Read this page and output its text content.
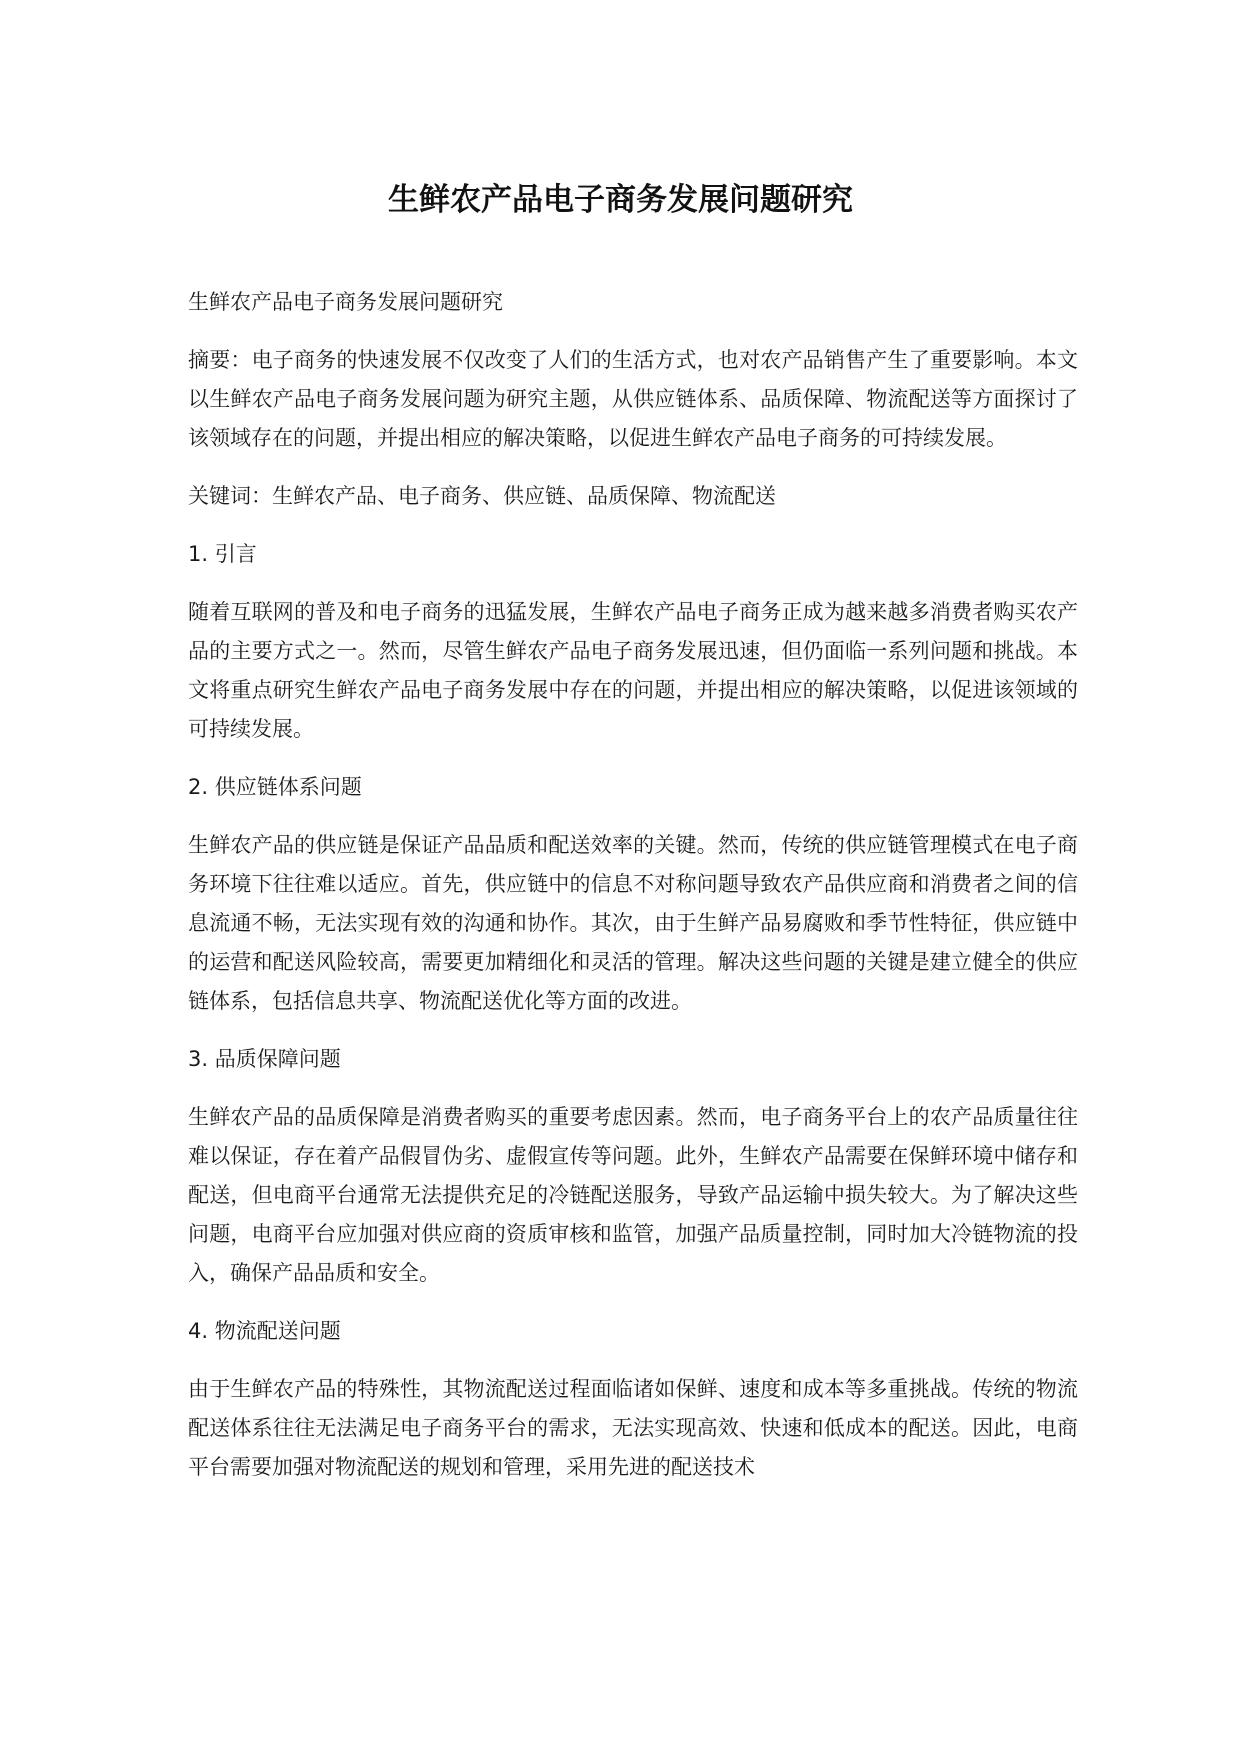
生鲜农产品电子商务发展问题研究

生鲜农产品电子商务发展问题研究

摘要：电子商务的快速发展不仅改变了人们的生活方式，也对农产品销售产生了重要影响。本文以生鲜农产品电子商务发展问题为研究主题，从供应链体系、品质保障、物流配送等方面探讨了该领域存在的问题，并提出相应的解决策略，以促进生鲜农产品电子商务的可持续发展。

关键词：生鲜农产品、电子商务、供应链、品质保障、物流配送

1. 引言

随着互联网的普及和电子商务的迅猛发展，生鲜农产品电子商务正成为越来越多消费者购买农产品的主要方式之一。然而，尽管生鲜农产品电子商务发展迅速，但仍面临一系列问题和挑战。本文将重点研究生鲜农产品电子商务发展中存在的问题，并提出相应的解决策略，以促进该领域的可持续发展。

2. 供应链体系问题

生鲜农产品的供应链是保证产品品质和配送效率的关键。然而，传统的供应链管理模式在电子商务环境下往往难以适应。首先，供应链中的信息不对称问题导致农产品供应商和消费者之间的信息流通不畅，无法实现有效的沟通和协作。其次，由于生鲜产品易腐败和季节性特征，供应链中的运营和配送风险较高，需要更加精细化和灵活的管理。解决这些问题的关键是建立健全的供应链体系，包括信息共享、物流配送优化等方面的改进。

3. 品质保障问题

生鲜农产品的品质保障是消费者购买的重要考虑因素。然而，电子商务平台上的农产品质量往往难以保证，存在着产品假冒伪劣、虚假宣传等问题。此外，生鲜农产品需要在保鲜环境中储存和配送，但电商平台通常无法提供充足的冷链配送服务，导致产品运输中损失较大。为了解决这些问题，电商平台应加强对供应商的资质审核和监管，加强产品质量控制，同时加大冷链物流的投入，确保产品品质和安全。

4. 物流配送问题

由于生鲜农产品的特殊性，其物流配送过程面临诸如保鲜、速度和成本等多重挑战。传统的物流配送体系往往无法满足电子商务平台的需求，无法实现高效、快速和低成本的配送。因此，电商平台需要加强对物流配送的规划和管理，采用先进的配送技术
